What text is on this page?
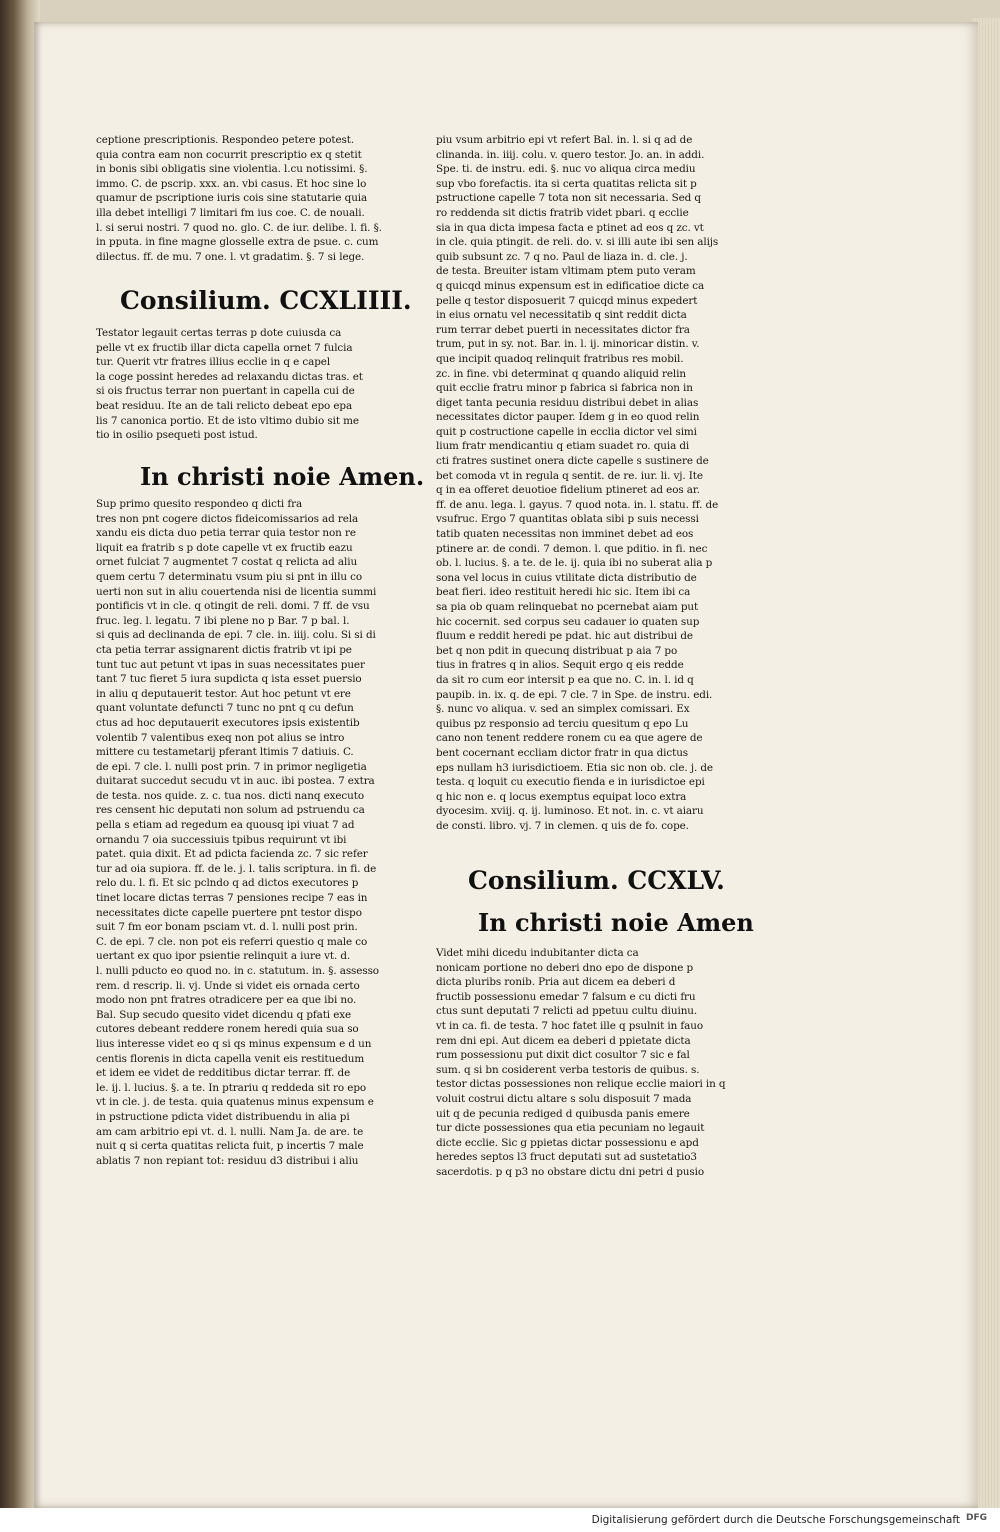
ceptione prescriptionis. Respondeo petere potest.
quia contra eam non cocurrit prescriptio ex q stetit
in bonis sibi obligatis sine violentia. l.cu notissimi. §.
immo. C. de pscrip. xxx. an. vbi casus. Et hoc sine lo
quamur de pscriptione iuris cois sine statutarie quia
illa debet intelligi 7 limitari fm ius coe. C. de nouali.
l. si serui nostri. 7 quod no. glo. C. de iur. delibe. l. fi. §.
in pputa. in fine magne glosselle extra de psue. c. cum
dilectus. ff. de mu. 7 one. l. vt gradatim. §. 7 si lege.
Consilium. CCXLIIII.
Testator legauit certas terras p dote cuiusda ca
pelle vt ex fructib illar dicta capella ornet 7 fulcia
tur. Querit vtr fratres illius ecclie in q e capel
la coge possint heredes ad relaxandu dictas tras. et
si ois fructus terrar non puertant in capella cui de
beat residuu. Ite an de tali relicto debeat epo epa
lis 7 canonica portio. Et de isto vltimo dubio sit me
tio in osilio psequeti post istud.
In christi noie Amen.
Sup primo quesito respondeo q dicti fra
tres non pnt cogere dictos fideicomissarios ad rela
xandu eis dicta duo petia terrar quia testor non re
liquit ea fratrib s p dote capelle vt ex fructib eazu
ornet fulciat 7 augmentet 7 costat q relicta ad aliu
quem certu 7 determinatu vsum piu si pnt in illu co
uerti non sut in aliu couertenda nisi de licentia summi
pontificis vt in cle. q otingit de reli. domi. 7 ff. de vsu
fruc. leg. l. legatu. 7 ibi plene no p Bar. 7 p bal. l.
si quis ad declinanda de epi. 7 cle. in. iiij. colu. Si si di
cta petia terrar assignarent dictis fratrib vt ipi pe
tunt tuc aut petunt vt ipas in suas necessitates puer
tant 7 tuc fieret 5 iura supdicta q ista esset puersio
in aliu q deputauerit testor. Aut hoc petunt vt ere
quant voluntate defuncti 7 tunc no pnt q cu defun
ctus ad hoc deputauerit executores ipsis existentib
volentib 7 valentibus exeq non pot alius se intro
mittere cu testametarij pferant ltimis 7 datiuis. C.
de epi. 7 cle. l. nulli post prin. 7 in primor negligetia
duitarat succedut secudu vt in auc. ibi postea. 7 extra
de testa. nos quide. z. c. tua nos. dicti nanq executo
res censent hic deputati non solum ad pstruendu ca
pella s etiam ad regedum ea quousq ipi viuat 7 ad
ornandu 7 oia successiuis tpibus requirunt vt ibi
patet. quia dixit. Et ad pdicta facienda zc. 7 sic refer
tur ad oia supiora. ff. de le. j. l. talis scriptura. in fi. de
relo du. l. fi. Et sic pclndo q ad dictos executores p
tinet locare dictas terras 7 pensiones recipe 7 eas in
necessitates dicte capelle puertere pnt testor dispo
suit 7 fm eor bonam psciam vt. d. l. nulli post prin.
C. de epi. 7 cle. non pot eis referri questio q male co
uertant ex quo ipor psientie relinquit a iure vt. d.
l. nulli pducto eo quod no. in c. statutum. in. §. assesso
rem. d rescrip. li. vj. Unde si videt eis ornada certo
modo non pnt fratres otradicere per ea que ibi no.
Bal. Sup secudo quesito videt dicendu q pfati exe
cutores debeant reddere ronem heredi quia sua so
lius interesse videt eo q si qs minus expensum e d un
centis florenis in dicta capella venit eis restituedum
et idem ee videt de redditibus dictar terrar. ff. de
le. ij. l. lucius. §. a te. In ptrariu q reddeda sit ro epo
vt in cle. j. de testa. quia quatenus minus expensum e
in pstructione pdicta videt distribuendu in alia pi
am cam arbitrio epi vt. d. l. nulli. Nam Ja. de are. te
nuit q si certa quatitas relicta fuit, p incertis 7 male
ablatis 7 non repiant tot: residuu d3 distribui i aliu
piu vsum arbitrio epi vt refert Bal. in. l. si q ad de
clinanda. in. iiij. colu. v. quero testor. Jo. an. in addi.
Spe. ti. de instru. edi. §. nuc vo aliqua circa mediu
sup vbo forefactis. ita si certa quatitas relicta sit p
pstructione capelle 7 tota non sit necessaria. Sed q
ro reddenda sit dictis fratrib videt pbari. q ecclie
sia in qua dicta impesa facta e ptinet ad eos q zc. vt
in cle. quia ptingit. de reli. do. v. si illi aute ibi sen alijs
quib subsunt zc. 7 q no. Paul de liaza in. d. cle. j.
de testa. Breuiter istam vltimam ptem puto veram
q quicqd minus expensum est in edificatioe dicte ca
pelle q testor disposuerit 7 quicqd minus expedert
in eius ornatu vel necessitatib q sint reddit dicta
rum terrar debet puerti in necessitates dictor fra
trum, put in sy. not. Bar. in. l. ij. minoricar distin. v.
que incipit quadoq relinquit fratribus res mobil.
zc. in fine. vbi determinat q quando aliquid relin
quit ecclie fratru minor p fabrica si fabrica non in
diget tanta pecunia residuu distribui debet in alias
necessitates dictor pauper. Idem g in eo quod relin
quit p costructione capelle in ecclia dictor vel simi
lium fratr mendicantiu q etiam suadet ro. quia di
cti fratres sustinet onera dicte capelle s sustinere de
bet comoda vt in regula q sentit. de re. iur. li. vj. Ite
q in ea offeret deuotioe fidelium ptineret ad eos ar.
ff. de anu. lega. l. gayus. 7 quod nota. in. l. statu. ff. de
vsufruc. Ergo 7 quantitas oblata sibi p suis necessi
tatib quaten necessitas non imminet debet ad eos
ptinere ar. de condi. 7 demon. l. que pditio. in fi. nec
ob. l. lucius. §. a te. de le. ij. quia ibi no suberat alia p
sona vel locus in cuius vtilitate dicta distributio de
beat fieri. ideo restituit heredi hic sic. Item ibi ca
sa pia ob quam relinquebat no pcernebat aiam put
hic cocernit. sed corpus seu cadauer io quaten sup
fluum e reddit heredi pe pdat. hic aut distribui de
bet q non pdit in quecunq distribuat p aia 7 po
tius in fratres q in alios. Sequit ergo q eis redde
da sit ro cum eor intersit p ea que no. C. in. l. id q
paupib. in. ix. q. de epi. 7 cle. 7 in Spe. de instru. edi.
§. nunc vo aliqua. v. sed an simplex comissari. Ex
quibus pz responsio ad terciu quesitum q epo Lu
cano non tenent reddere ronem cu ea que agere de
bent cocernant eccliam dictor fratr in qua dictus
eps nullam h3 iurisdictioem. Etia sic non ob. cle. j. de
testa. q loquit cu executio fienda e in iurisdictoe epi
q hic non e. q locus exemptus equipat loco extra
dyocesim. xviij. q. ij. luminoso. Et not. in. c. vt aiaru
de consti. libro. vj. 7 in clemen. q uis de fo. cope.
Consilium. CCXLV.
In christi noie Amen
Videt mihi dicedu indubitanter dicta ca
nonicam portione no deberi dno epo de dispone p
dicta pluribs ronib. Pria aut dicem ea deberi d
fructib possessionu emedar 7 falsum e cu dicti fru
ctus sunt deputati 7 relicti ad ppetuu cultu diuinu.
vt in ca. fi. de testa. 7 hoc fatet ille q psulnit in fauo
rem dni epi. Aut dicem ea deberi d ppietate dicta
rum possessionu put dixit dict cosultor 7 sic e fal
sum. q si bn cosiderent verba testoris de quibus. s.
testor dictas possessiones non relique ecclie maiori in q
voluit costrui dictu altare s solu disposuit 7 mada
uit q de pecunia rediged d quibusda panis emere
tur dicte possessiones qua etia pecuniam no legauit
dicte ecclie. Sic g ppietas dictar possessionu e apd
heredes septos l3 fruct deputati sut ad sustetatio3
sacerdotis. p q p3 no obstare dictu dni petri d pusio
Digitalisierung gefördert durch die Deutsche Forschungsgemeinschaft DFG
